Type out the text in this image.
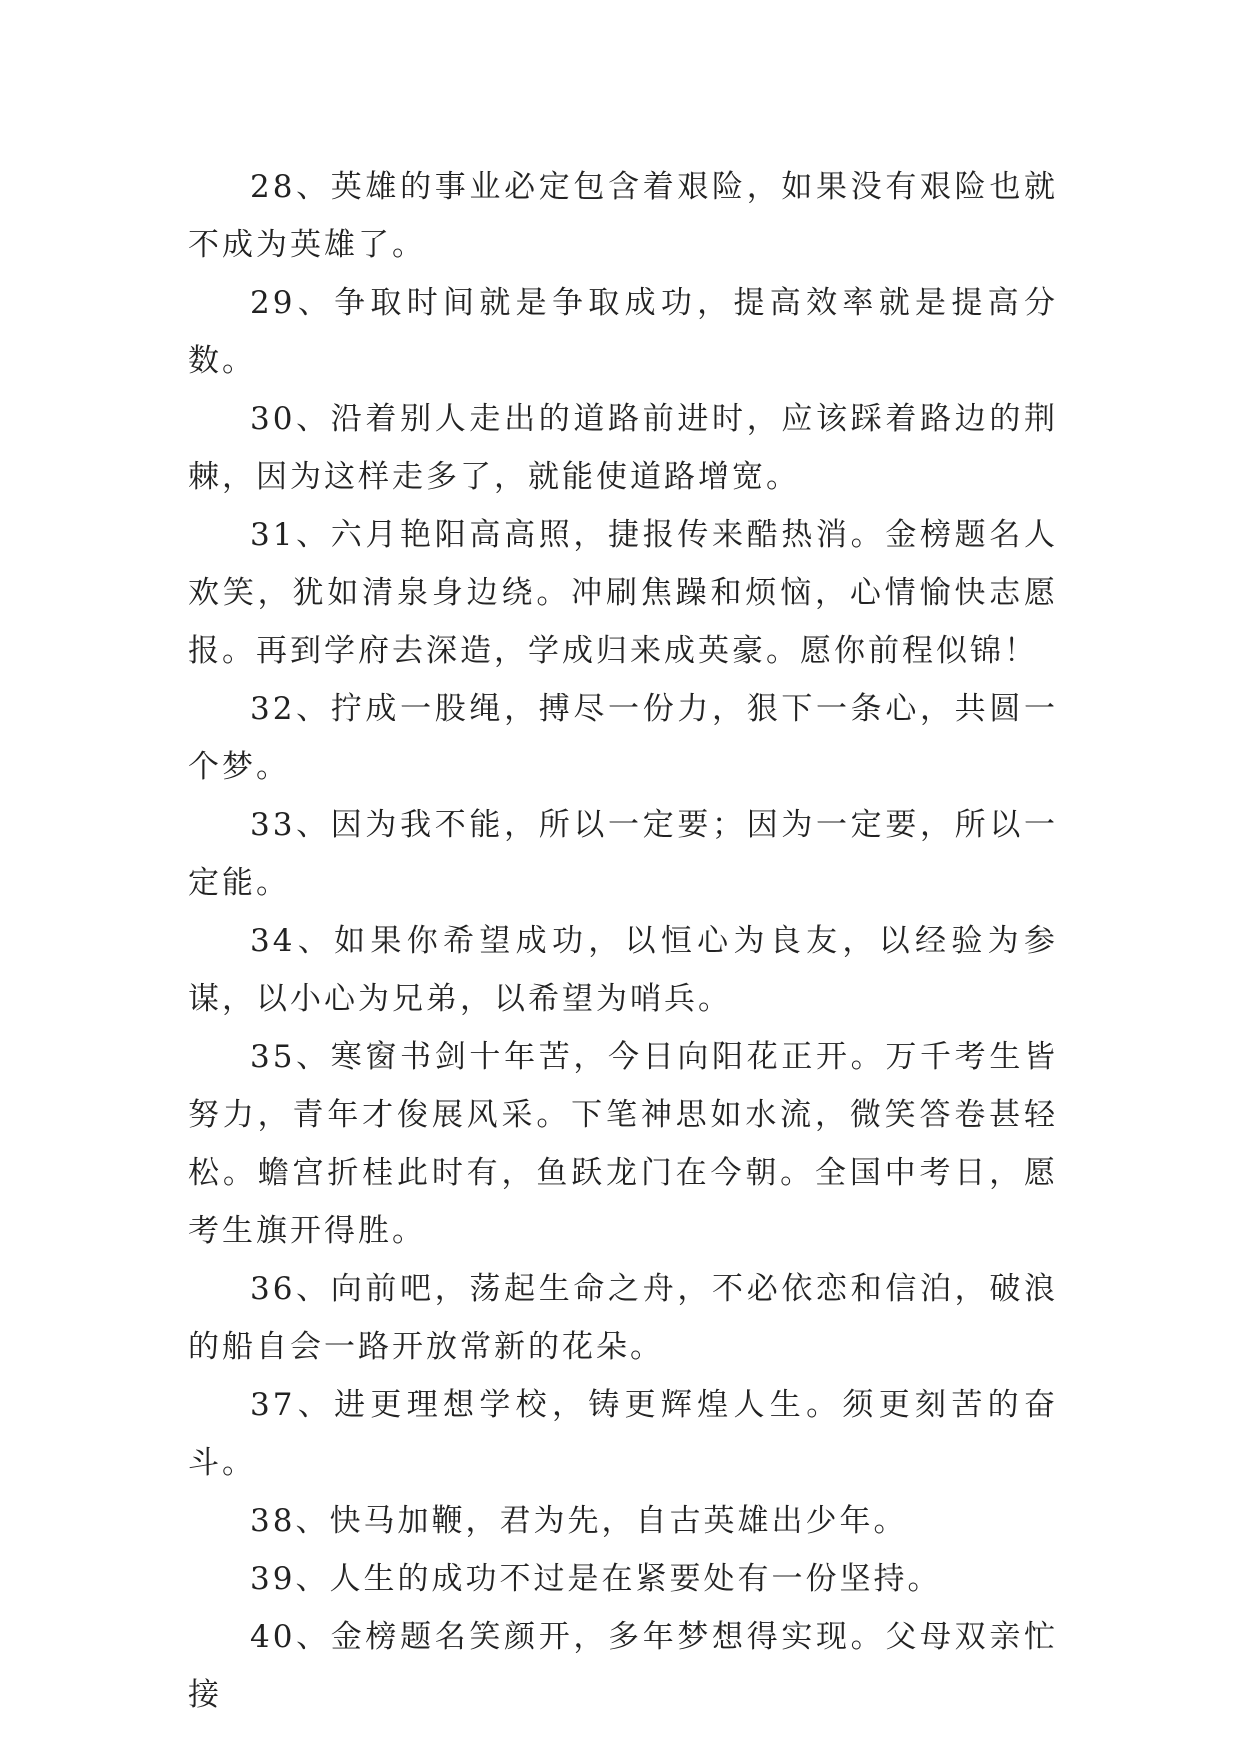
28、英雄的事业必定包含着艰险，如果没有艰险也就不成为英雄了。

29、争取时间就是争取成功，提高效率就是提高分数。

30、沿着别人走出的道路前进时，应该踩着路边的荆棘，因为这样走多了，就能使道路增宽。

31、六月艳阳高高照，捷报传来酷热消。金榜题名人欢笑，犹如清泉身边绕。冲刷焦躁和烦恼，心情愉快志愿报。再到学府去深造，学成归来成英豪。愿你前程似锦！

32、拧成一股绳，搏尽一份力，狠下一条心，共圆一个梦。

33、因为我不能，所以一定要；因为一定要，所以一定能。

34、如果你希望成功，以恒心为良友，以经验为参谋，以小心为兄弟，以希望为哨兵。

35、寒窗书剑十年苦，今日向阳花正开。万千考生皆努力，青年才俊展风采。下笔神思如水流，微笑答卷甚轻松。蟾宫折桂此时有，鱼跃龙门在今朝。全国中考日，愿考生旗开得胜。

36、向前吧，荡起生命之舟，不必依恋和信泊，破浪的船自会一路开放常新的花朵。

37、进更理想学校，铸更辉煌人生。须更刻苦的奋斗。

38、快马加鞭，君为先，自古英雄出少年。

39、人生的成功不过是在紧要处有一份坚持。

40、金榜题名笑颜开，多年梦想得实现。父母双亲忙接
